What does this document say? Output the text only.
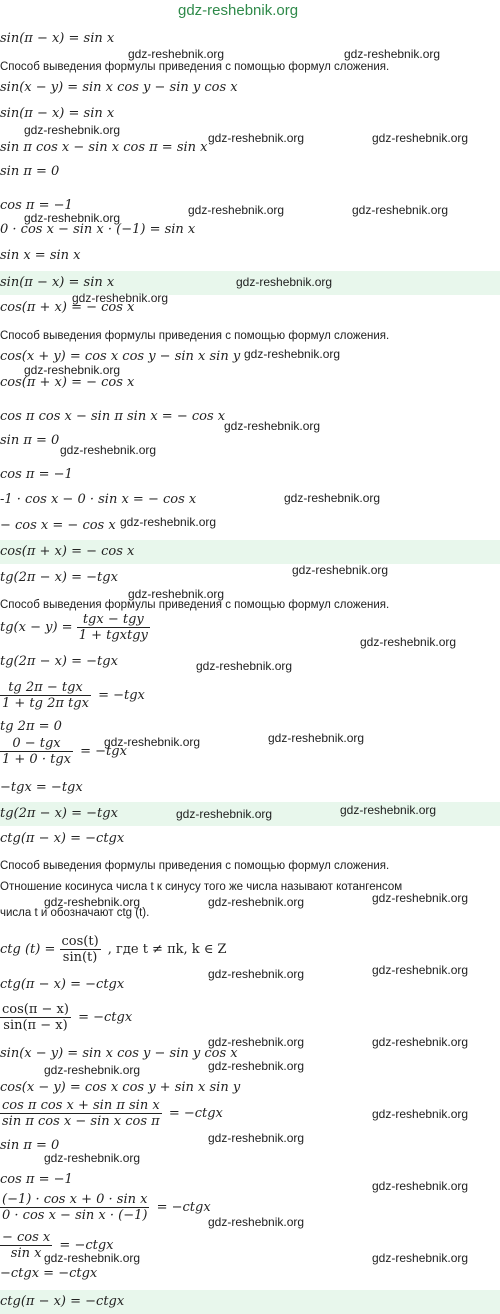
gdz-reshebnik.org
sin(π − x) = sin x
Способ выведения формулы приведения с помощью формул сложения.
sin(x − y) = sin x cos y − sin y cos x
sin(π − x) = sin x
sin π cos x − sin x cos π = sin x
sin π = 0
cos π = −1
0 · cos x − sin x · (−1) = sin x
sin x = sin x
sin(π − x) = sin x
cos(π + x) = − cos x
Способ выведения формулы приведения с помощью формул сложения.
cos(x + y) = cos x cos y − sin x sin y
cos(π + x) = − cos x
cos π cos x − sin π sin x = − cos x
sin π = 0
cos π = −1
-1 · cos x − 0 · sin x = − cos x
− cos x = − cos x
cos(π + x) = − cos x
tg(2π − x) = −tgx
Способ выведения формулы приведения с помощью формул сложения.
tg(x − y) =
tgx − tgy
1 + tgxtgy
tg(2π − x) = −tgx
tg 2π − tgx
1 + tg 2π tgx
= −tgx
tg 2π = 0
0 − tgx
1 + 0 · tgx
= −tgx
−tgx = −tgx
tg(2π − x) = −tgx
ctg(π − x) = −ctgx
Способ выведения формулы приведения с помощью формул сложения.
Отношение косинуса числа t к синусу того же числа называют котангенсом
числа t и обозначают ctg (t).
ctg $(t) = \frac{\cos(t)}{\sin(t)}$ , где t ≠ πk, k ∈ Z
ctg(π − x) = −ctgx
$\frac{\cos(\pi - x)}{\sin(\pi - x)}$ = −ctgx
sin(x − y) = sin x cos y − sin y cos x
cos(x − y) = cos x cos y + sin x sin y
$\frac{\text{cos π cos x + sin π sin x}}{\text{sin π cos x − sin x cos π}}$ = −ctgx
sin π = 0
cos π = −1
$\frac{\text{(−1) · cos x + 0 · sin x}}{\text{0 · cos x − sin x · (−1)}}$ = −ctgx
$\frac{\text{− cos x}}{\text{sin x}}$ = −ctgx
−ctgx = −ctgx
ctg(π − x) = −ctgx
gdz-reshebnik.org	gdz-reshebnik.org
gdz-reshebnik.org
gdz-reshebnik.org	gdz-reshebnik.org
gdz-reshebnik.org
gdz-reshebnik.org	gdz-reshebnik.org
gdz-reshebnik.org
gdz-reshebnik.org
gdz-reshebnik.org
gdz-reshebnik.org
gdz-reshebnik.org
gdz-reshebnik.org
gdz-reshebnik.org
gdz-reshebnik.org
gdz-reshebnik.org
gdz-reshebnik.org
gdz-reshebnik.org
gdz-reshebnik.org
gdz-reshebnik.org	gdz-reshebnik.org
gdz-reshebnik.org	gdz-reshebnik.org
gdz-reshebnik.org	gdz-reshebnik.org	gdz-reshebnik.org
gdz-reshebnik.org	gdz-reshebnik.org
gdz-reshebnik.org	gdz-reshebnik.org
gdz-reshebnik.org
gdz-reshebnik.org
gdz-reshebnik.org
gdz-reshebnik.org
gdz-reshebnik.org
gdz-reshebnik.org
gdz-reshebnik.org
gdz-reshebnik.org	gdz-reshebnik.org
